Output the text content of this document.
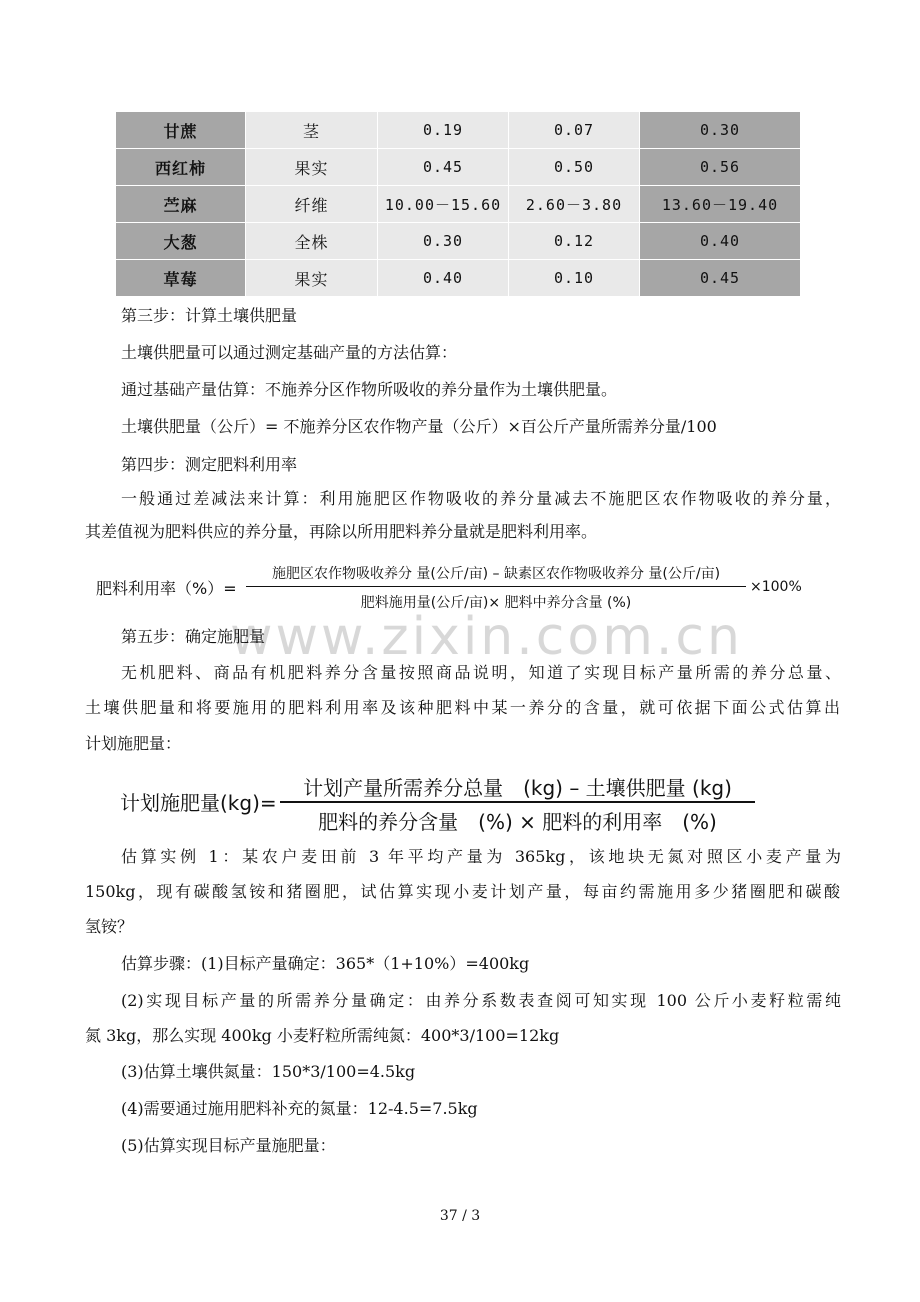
甘蔗	茎	0.19	0.07	0.30
西红柿	果实	0.45	0.50	0.56
苎麻	纤维	10.00－15.60	2.60－3.80	13.60－19.40
大葱	全株	0.30	0.12	0.40
草莓	果实	0.40	0.10	0.45
第三步：计算土壤供肥量
土壤供肥量可以通过测定基础产量的方法估算：
通过基础产量估算：不施养分区作物所吸收的养分量作为土壤供肥量。
土壤供肥量（公斤）= 不施养分区农作物产量（公斤）×百公斤产量所需养分量/100
第四步：测定肥料利用率
一般通过差减法来计算：利用施肥区作物吸收的养分量减去不施肥区农作物吸收的养分量，
其差值视为肥料供应的养分量，再除以所用肥料养分量就是肥料利用率。
肥料利用率（%）=
施肥区农作物吸收养分 量(公斤/亩) – 缺素区农作物吸收养分 量(公斤/亩)
肥料施用量(公斤/亩)× 肥料中养分含量 (%)
×100%
www.zixin.com.cn
第五步：确定施肥量
无机肥料、商品有机肥料养分含量按照商品说明，知道了实现目标产量所需的养分总量、
土壤供肥量和将要施用的肥料利用率及该种肥料中某一养分的含量，就可依据下面公式估算出
计划施肥量：
计划施肥量(kg)=
计划产量所需养分总量　(kg) – 土壤供肥量 (kg)
肥料的养分含量　(%) × 肥料的利用率　(%)
估算实例 1：某农户麦田前 3 年平均产量为 365kg，该地块无氮对照区小麦产量为
150kg，现有碳酸氢铵和猪圈肥，试估算实现小麦计划产量，每亩约需施用多少猪圈肥和碳酸
氢铵？
估算步骤：(1)目标产量确定：365*（1+10%）=400kg
(2)实现目标产量的所需养分量确定：由养分系数表查阅可知实现 100 公斤小麦籽粒需纯
氮 3kg，那么实现 400kg 小麦籽粒所需纯氮：400*3/100=12kg
(3)估算土壤供氮量：150*3/100=4.5kg
(4)需要通过施用肥料补充的氮量：12-4.5=7.5kg
(5)估算实现目标产量施肥量：
37 / 3
